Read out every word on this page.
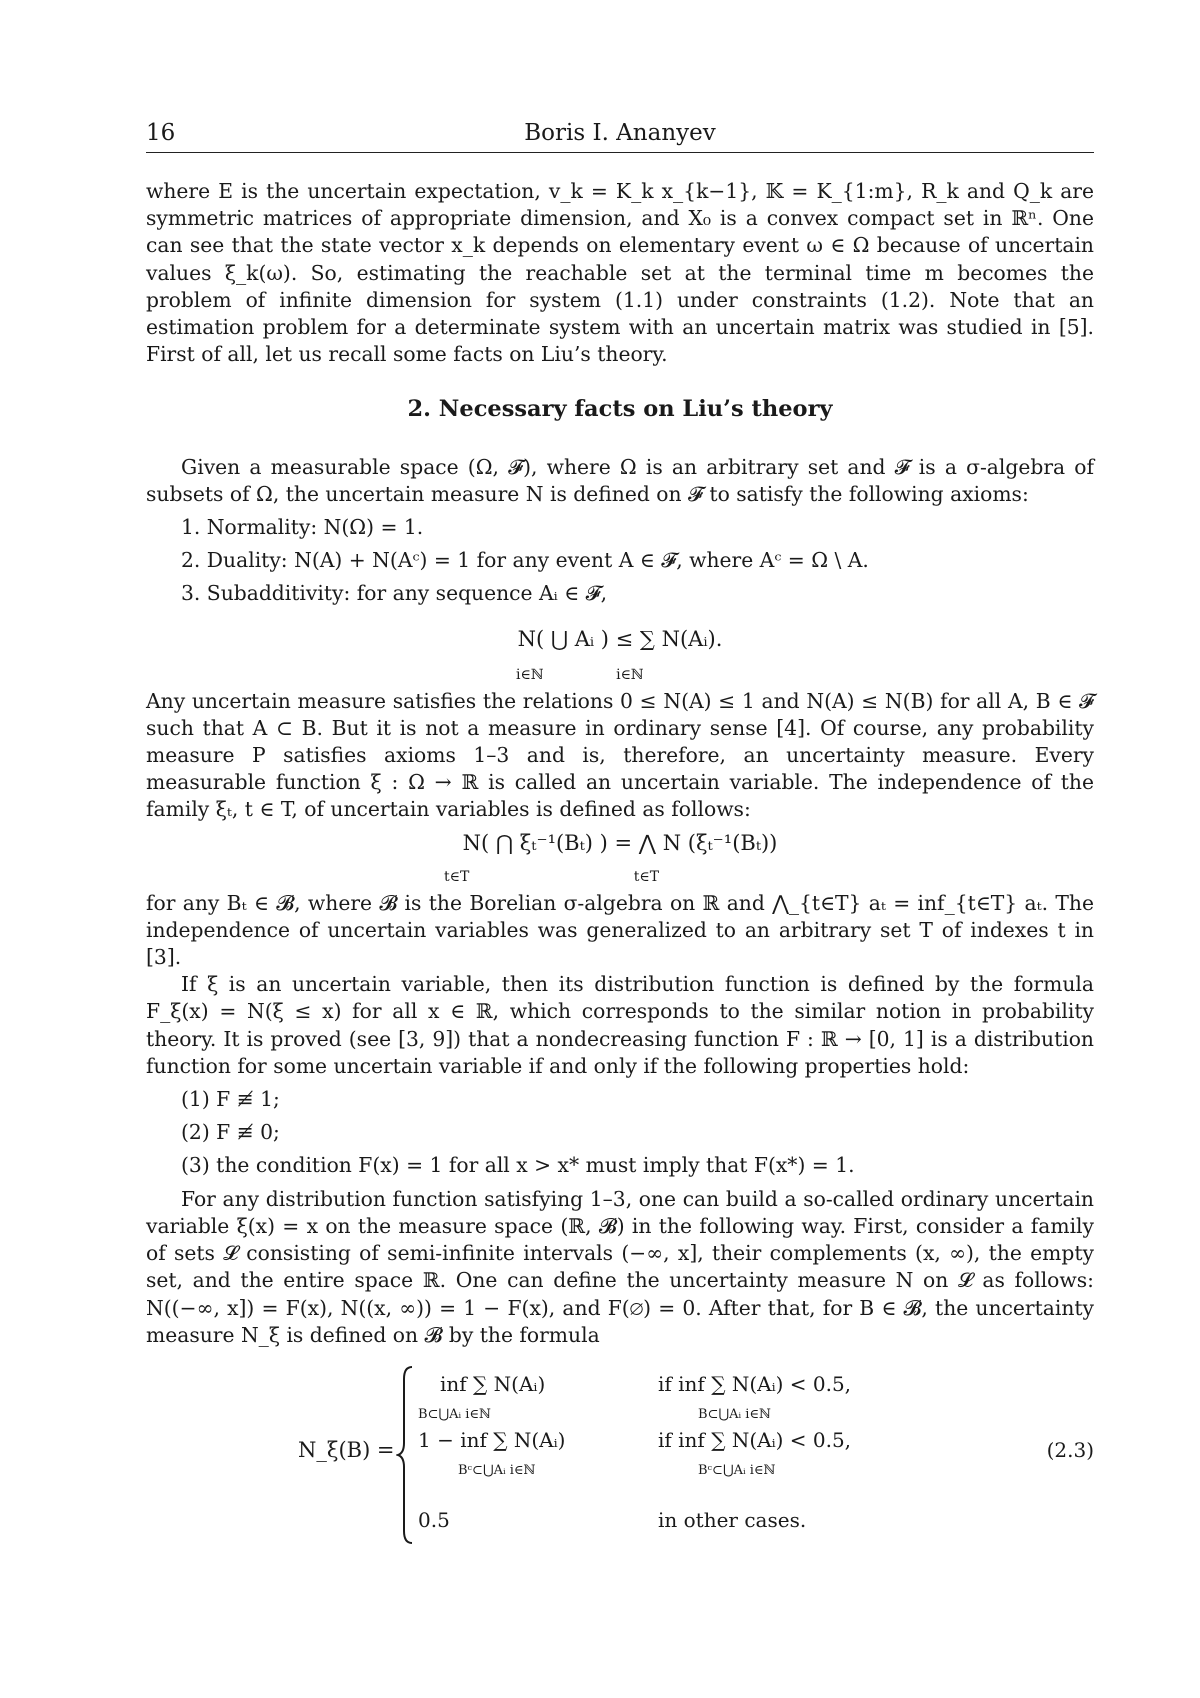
16	Boris I. Ananyev

where E is the uncertain expectation, v_k = K_k x_{k−1}, 𝕂 = K_{1:m}, R_k and Q_k are symmetric matrices of appropriate dimension, and X₀ is a convex compact set in ℝⁿ. One can see that the state vector x_k depends on elementary event ω ∈ Ω because of uncertain values ξ_k(ω). So, estimating the reachable set at the terminal time m becomes the problem of infinite dimension for system (1.1) under constraints (1.2). Note that an estimation problem for a determinate system with an uncertain matrix was studied in [5]. First of all, let us recall some facts on Liu’s theory.

2. Necessary facts on Liu’s theory

Given a measurable space (Ω, 𝓕), where Ω is an arbitrary set and 𝓕 is a σ-algebra of subsets of Ω, the uncertain measure N is defined on 𝓕 to satisfy the following axioms:

1. Normality: N(Ω) = 1.
2. Duality: N(A) + N(Aᶜ) = 1 for any event A ∈ 𝓕, where Aᶜ = Ω \ A.
3. Subadditivity: for any sequence Aᵢ ∈ 𝓕,
N( ⋃ Aᵢ ) ≤ ∑ N(Aᵢ).
i∈ℕ	i∈ℕ

Any uncertain measure satisfies the relations 0 ≤ N(A) ≤ 1 and N(A) ≤ N(B) for all A, B ∈ 𝓕 such that A ⊂ B. But it is not a measure in ordinary sense [4]. Of course, any probability measure P satisfies axioms 1–3 and is, therefore, an uncertainty measure. Every measurable function ξ : Ω → ℝ is called an uncertain variable. The independence of the family ξₜ, t ∈ T, of uncertain variables is defined as follows:

N( ⋂ ξₜ⁻¹(Bₜ) ) = ⋀ N (ξₜ⁻¹(Bₜ))
t∈T	t∈T

for any Bₜ ∈ 𝓑, where 𝓑 is the Borelian σ-algebra on ℝ and ⋀_{t∈T} aₜ = inf_{t∈T} aₜ. The independence of uncertain variables was generalized to an arbitrary set T of indexes t in [3].

If ξ is an uncertain variable, then its distribution function is defined by the formula F_ξ(x) = N(ξ ≤ x) for all x ∈ ℝ, which corresponds to the similar notion in probability theory. It is proved (see [3, 9]) that a nondecreasing function F : ℝ → [0, 1] is a distribution function for some uncertain variable if and only if the following properties hold:

(1) F ≢ 1;
(2) F ≢ 0;
(3) the condition F(x) = 1 for all x > x* must imply that F(x*) = 1.

For any distribution function satisfying 1–3, one can build a so-called ordinary uncertain variable ξ(x) = x on the measure space (ℝ, 𝓑) in the following way. First, consider a family of sets 𝓛 consisting of semi-infinite intervals (−∞, x], their complements (x, ∞), the empty set, and the entire space ℝ. One can define the uncertainty measure N on 𝓛 as follows: N((−∞, x]) = F(x), N((x, ∞)) = 1 − F(x), and F(∅) = 0. After that, for B ∈ 𝓑, the uncertainty measure N_ξ is defined on 𝓑 by the formula

N_ξ(B) =
inf ∑ N(Aᵢ)
B⊂⋃Aᵢ i∈ℕ
if inf ∑ N(Aᵢ) < 0.5,
B⊂⋃Aᵢ i∈ℕ
1 − inf ∑ N(Aᵢ)
Bᶜ⊂⋃Aᵢ i∈ℕ
if inf ∑ N(Aᵢ) < 0.5,
Bᶜ⊂⋃Aᵢ i∈ℕ
0.5	in other cases.
(2.3)
